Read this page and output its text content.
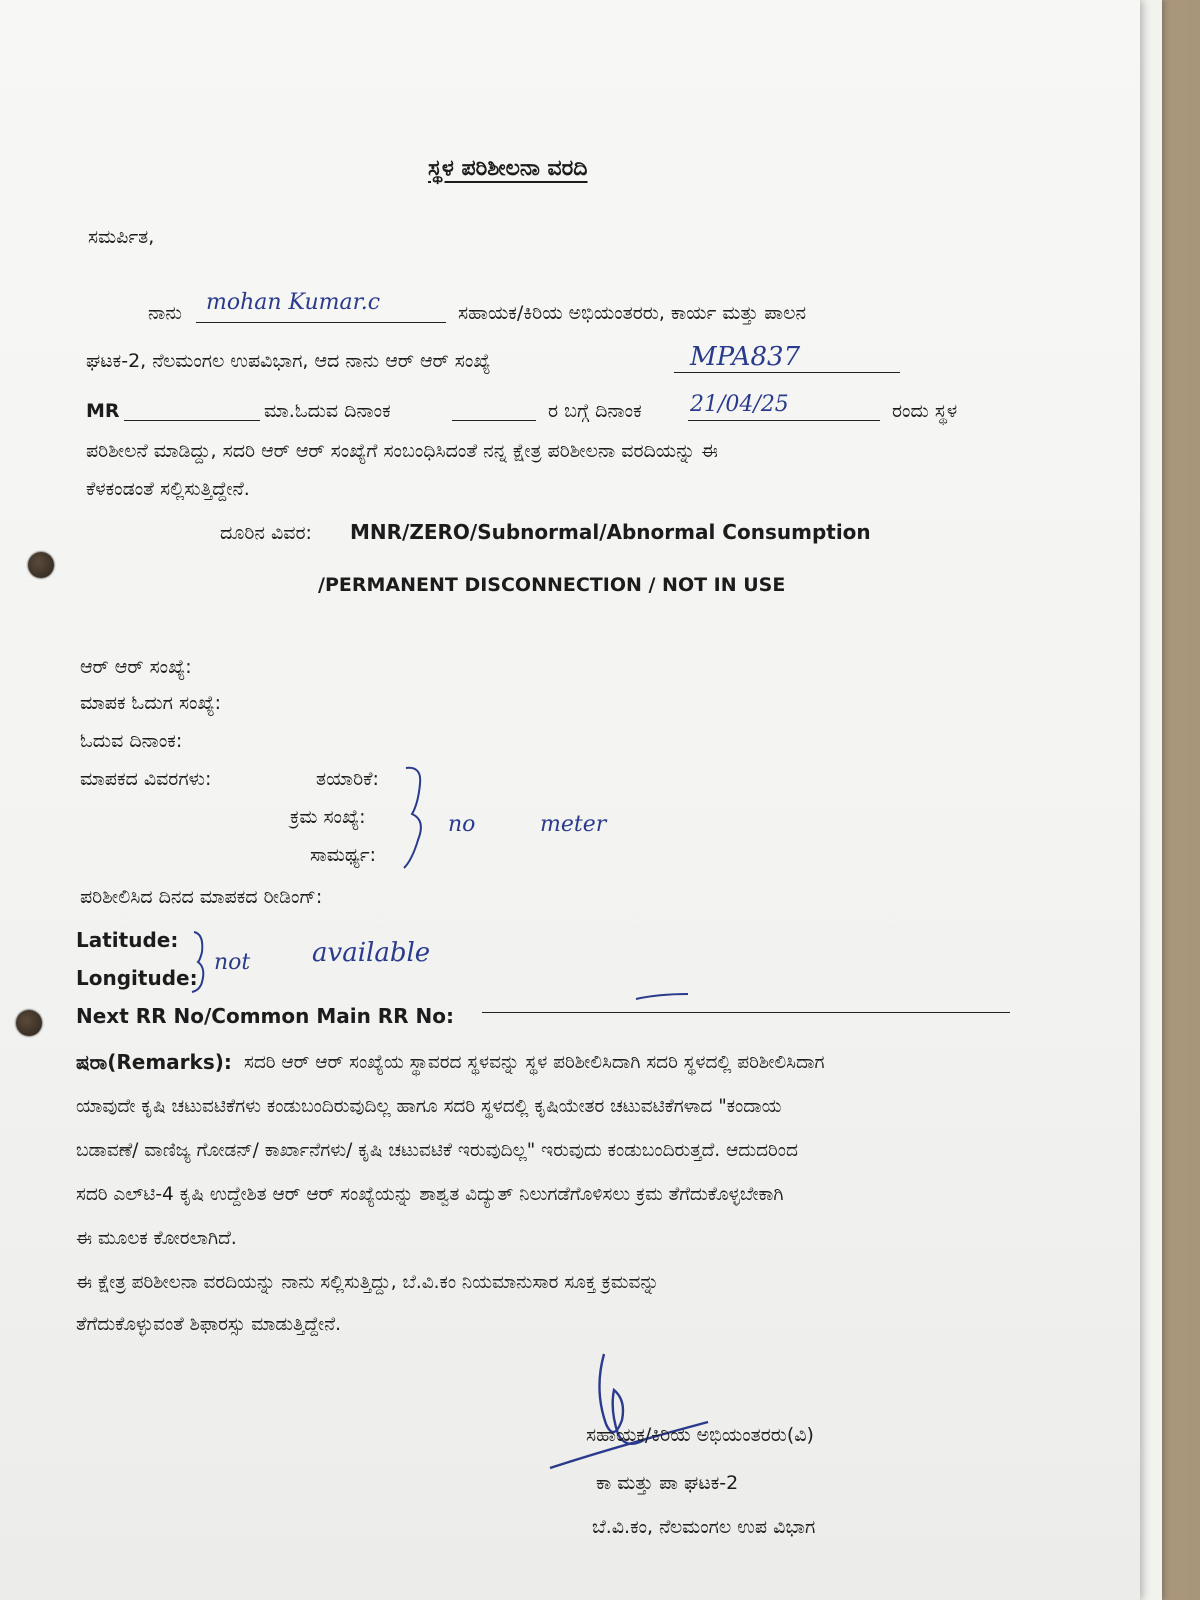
ಸ್ಥಳ ಪರಿಶೀಲನಾ ವರದಿ
ಸಮರ್ಪಿತ,
ನಾನು mohan Kumar.c	ಸಹಾಯಕ/ಕಿರಿಯ ಅಭಿಯಂತರರು, ಕಾರ್ಯ ಮತ್ತು ಪಾಲನ
ಘಟಕ-2, ನೆಲಮಂಗಲ ಉಪವಿಭಾಗ, ಆದ ನಾನು ಆರ್ ಆರ್ ಸಂಖ್ಯೆ	MPA837
MR	ಮಾ.ಓದುವ ದಿನಾಂಕ	ರ ಬಗ್ಗೆ ದಿನಾಂಕ 21/04/25	ರಂದು ಸ್ಥಳ
ಪರಿಶೀಲನೆ ಮಾಡಿದ್ದು, ಸದರಿ ಆರ್ ಆರ್ ಸಂಖ್ಯೆಗೆ ಸಂಬಂಧಿಸಿದಂತೆ ನನ್ನ ಕ್ಷೇತ್ರ ಪರಿಶೀಲನಾ ವರದಿಯನ್ನು ಈ
ಕೆಳಕಂಡಂತೆ ಸಲ್ಲಿಸುತ್ತಿದ್ದೇನೆ.
ದೂರಿನ ವಿವರ: MNR/ZERO/Subnormal/Abnormal Consumption
/PERMANENT DISCONNECTION / NOT IN USE
ಆರ್ ಆರ್ ಸಂಖ್ಯೆ:
ಮಾಪಕ ಓದುಗ ಸಂಖ್ಯೆ:
ಓದುವ ದಿನಾಂಕ:
ಮಾಪಕದ ವಿವರಗಳು:	ತಯಾರಿಕೆ:
ಕ್ರಮ ಸಂಖ್ಯೆ:
ಸಾಮರ್ಥ್ಯ:
no	meter
ಪರಿಶೀಲಿಸಿದ ದಿನದ ಮಾಪಕದ ರೀಡಿಂಗ್:
Latitude:
Longitude:
not available
Next RR No/Common Main RR No:
ಷರಾ(Remarks): ಸದರಿ ಆರ್ ಆರ್ ಸಂಖ್ಯೆಯ ಸ್ಥಾವರದ ಸ್ಥಳವನ್ನು ಸ್ಥಳ ಪರಿಶೀಲಿಸಿದಾಗಿ ಸದರಿ ಸ್ಥಳದಲ್ಲಿ ಪರಿಶೀಲಿಸಿದಾಗ
ಯಾವುದೇ ಕೃಷಿ ಚಟುವಟಿಕೆಗಳು ಕಂಡುಬಂದಿರುವುದಿಲ್ಲ ಹಾಗೂ ಸದರಿ ಸ್ಥಳದಲ್ಲಿ ಕೃಷಿಯೇತರ ಚಟುವಟಿಕೆಗಳಾದ "ಕಂದಾಯ
ಬಡಾವಣೆ/ ವಾಣಿಜ್ಯ ಗೋಡನ್/ ಕಾರ್ಖಾನೆಗಳು/ ಕೃಷಿ ಚಟುವಟಿಕೆ ಇರುವುದಿಲ್ಲ" ಇರುವುದು ಕಂಡುಬಂದಿರುತ್ತದೆ. ಆದುದರಿಂದ
ಸದರಿ ಎಲ್‌ಟಿ-4 ಕೃಷಿ ಉದ್ದೇಶಿತ ಆರ್ ಆರ್ ಸಂಖ್ಯೆಯನ್ನು ಶಾಶ್ವತ ವಿದ್ಯುತ್ ನಿಲುಗಡೆಗೊಳಿಸಲು ಕ್ರಮ ತೆಗೆದುಕೊಳ್ಳಬೇಕಾಗಿ
ಈ ಮೂಲಕ ಕೋರಲಾಗಿದೆ.
ಈ ಕ್ಷೇತ್ರ ಪರಿಶೀಲನಾ ವರದಿಯನ್ನು ನಾನು ಸಲ್ಲಿಸುತ್ತಿದ್ದು, ಬೆ.ವಿ.ಕಂ ನಿಯಮಾನುಸಾರ ಸೂಕ್ತ ಕ್ರಮವನ್ನು
ತೆಗೆದುಕೊಳ್ಳುವಂತೆ ಶಿಫಾರಸ್ಸು ಮಾಡುತ್ತಿದ್ದೇನೆ.
ಸಹಾಯಕ/ಕಿರಿಯ ಅಭಿಯಂತರರು(ವಿ)
ಕಾ ಮತ್ತು ಪಾ ಘಟಕ-2
ಬೆ.ವಿ.ಕಂ, ನೆಲಮಂಗಲ ಉಪ ವಿಭಾಗ
